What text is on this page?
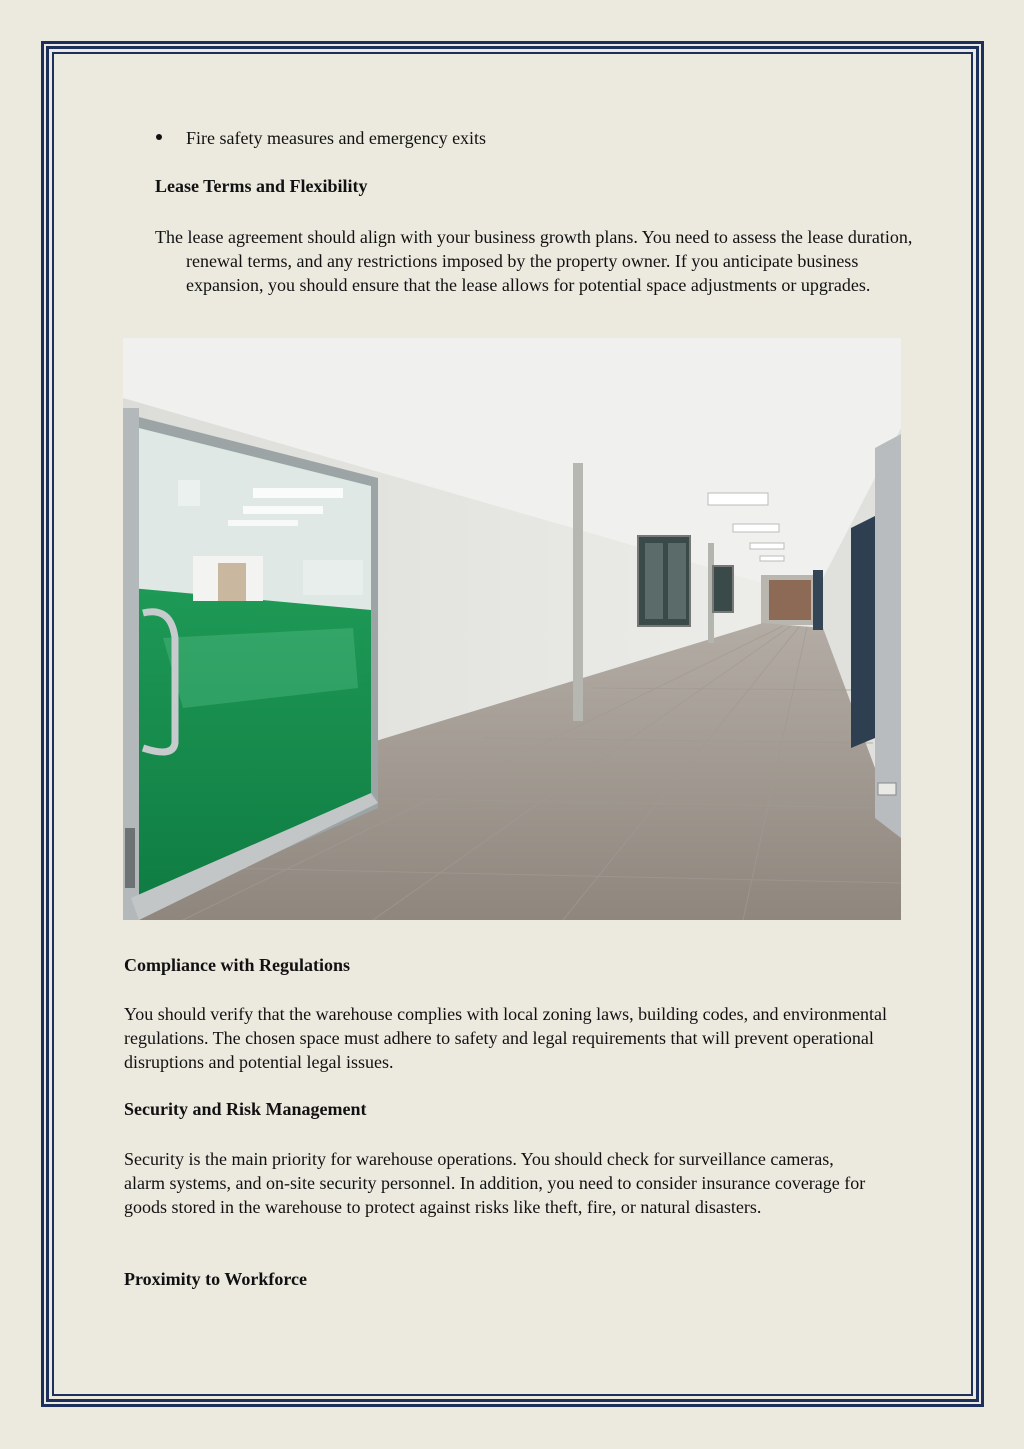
Fire safety measures and emergency exits
Lease Terms and Flexibility
The lease agreement should align with your business growth plans. You need to assess the lease duration, renewal terms, and any restrictions imposed by the property owner. If you anticipate business expansion, you should ensure that the lease allows for potential space adjustments or upgrades.
Compliance with Regulations
You should verify that the warehouse complies with local zoning laws, building codes, and environmental regulations. The chosen space must adhere to safety and legal requirements that will prevent operational disruptions and potential legal issues.
Security and Risk Management
Security is the main priority for warehouse operations. You should check for surveillance cameras, alarm systems, and on-site security personnel. In addition, you need to consider insurance coverage for goods stored in the warehouse to protect against risks like theft, fire, or natural disasters.
Proximity to Workforce
